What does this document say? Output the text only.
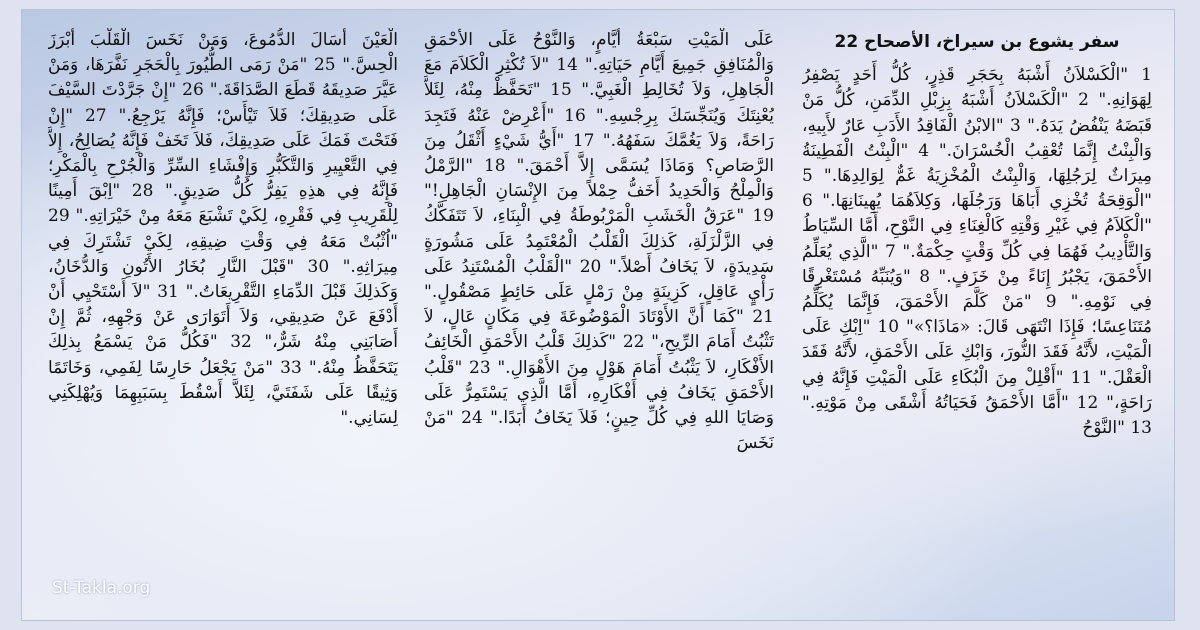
سفر يشوع بن سيراخ، الأصحاح 22
1 "الْكَسْلاَنُ أَشْبَهُ بِحَجَرِ قَذِرٍ، كُلُّ أَحَدٍ يَصْفِرُ لِهَوَانِهِ." 2 "الْكَسْلاَنُ أَشْبَهُ بِزِبْلِ الدِّمَنِ، كُلُّ مَنْ قَبَضَهُ يَنْفُضُ يَدَهُ." 3 "الابْنُ الْفَاقِدُ الأَدَبِ عَارٌ لأَبِيهِ، وَالْبِنْتُ إِنَّمَا تُعْقِبُ الْخُسْرَانَ." 4 "الْبِنْتُ الْفَطِينَةُ مِيرَاثٌ لِرَجُلِهَا، وَالْبِنْتُ الْمُخْزِيَةُ غَمٌّ لِوَالِدِهَا." 5 "الْوَقِحَةُ تُخْزِي أَبَاهَا وَرَجُلَهَا، وَكِلاَهُمَا يُهِينَانِهَا." 6 "الْكَلاَمُ فِي غَيْرِ وَقْتِهِ كَالْغِنَاءِ فِي النَّوْحِ، أَمَّا السِّيَاطُ وَالتَّأْدِيبُ فَهُمَا فِي كُلِّ وَقْتٍ حِكْمَةٌ." 7 "الَّذِي يُعَلِّمُ الأَحْمَقَ، يَجْبُرُ إِنَاءً مِنْ خَزَفٍ." 8 "وَيُنَبِّهُ مُسْتَغْرِقًا فِي نَوْمِهِ." 9 "مَنْ كَلَّمَ الأَحْمَقَ، فَإِنَّمَا يُكَلِّمُ مُتَنَاعِسًا؛ فَإِذَا انْتَهَى قَالَ: «مَاذَا؟»" 10 "اِبْكِ عَلَى الْمَيْتِ، لأَنَّهُ فَقَدَ النُّورَ، وَابْكِ عَلَى الأَحْمَقِ، لأَنَّهُ فَقَدَ الْعَقْلَ." 11 "أَقْلِلْ مِنَ الْبُكَاءِ عَلَى الْمَيْتِ فَإِنَّهُ فِي رَاحَةٍ،" 12 "أَمَّا الأَحْمَقُ فَحَيَاتُهُ أَشْقَى مِنْ مَوْتِهِ." 13 "النَّوْحُ
عَلَى الْمَيْتِ سَبْعَةُ أَيَّامٍ، وَالنَّوْحُ عَلَى الأَحْمَقِ وَالْمُنَافِقِ جَمِيعَ أَيَّامِ حَيَاتِهِ." 14 "لاَ تُكْثِرِ الْكَلاَمَ مَعَ الْجَاهِلِ، وَلاَ تُخَالِطِ الْغَبِيَّ." 15 "تَحَفَّظْ مِنْهُ، لِئَلاَّ يُعْنِتَكَ وَيُنَجِّسَكَ بِرِجْسِهِ." 16 "أَعْرِضْ عَنْهُ فَتَجِدَ رَاحَةً، وَلاَ يَغُمَّكَ سَفَهُهُ." 17 "أَيُّ شَيْءٍ أَثْقَلُ مِنَ الرَّصَاصِ؟ وَمَاذَا يُسَمَّى إِلاَّ أَحْمَقَ." 18 "الرَّمْلُ وَالْمِلْحُ وَالْحَدِيدُ أَخَفُّ حِمْلاً مِنَ الإِنْسَانِ الْجَاهِلِ!" 19 "عَرَقُ الْخَشَبِ الْمَرْبُوطَةُ فِي الْبِنَاءِ، لاَ تَتَفَكَّكُ فِي الزَّلْزَلَةِ، كَذلِكَ الْقَلْبُ الْمُعْتَمِدُ عَلَى مَشُورَةٍ سَدِيدَةٍ، لاَ يَخَافُ أَصْلاً." 20 "الْقَلْبُ الْمُسْتَنِدُ عَلَى رَأْيٍ عَاقِلٍ، كَزِينَةٍ مِنْ رَمْلٍ عَلَى حَائِطٍ مَصْقُولٍ." 21 "كَمَا أَنَّ الأَوْتَادَ الْمَوْضُوعَةَ فِي مَكَانٍ عَالٍ، لاَ تَثْبُتُ أَمَامَ الرِّيحِ،" 22 "كَذلِكَ قَلْبُ الأَحْمَقِ الْخَائِفُ الأَفْكَارِ، لاَ يَثْبُتُ أَمَامَ هَوْلٍ مِنَ الأَهْوَالِ." 23 "قَلْبُ الأَحْمَقِ يَخَافُ فِي أَفْكَارِهِ، أَمَّا الَّذِي يَسْتَمِرُّ عَلَى وَصَايَا اللهِ فِي كُلِّ حِينٍ؛ فَلاَ يَخَافُ أَبَدًا." 24 "مَنْ نَخَسَ
الْعَيْنَ أَسَالَ الدُّمُوعَ، وَمَنْ نَخَسَ الْقَلْبَ أَبْرَزَ الْحِسَّ." 25 "مَنْ رَمَى الطُّيُورَ بِالْحَجَرِ نَفَّرَهَا، وَمَنْ عَيَّرَ صَدِيقَهُ قَطَعَ الصَّدَاقَةَ." 26 "إِنْ جَرَّدْتَ السَّيْفَ عَلَى صَدِيقِكَ؛ فَلاَ تَيْأَسْ؛ فَإِنَّهُ يَرْجِعُ." 27 "إِنْ فَتَحْتَ فَمَكَ عَلَى صَدِيقِكَ، فَلاَ تَخَفْ فَإِنَّهُ يُصَالِحُ، إِلاَّ فِي التَّعْيِيرِ وَالتَّكَبُّرِ وَإِفْشَاءِ السِّرِّ وَالْجُرْحِ بِالْمَكْرِ؛ فَإِنَّهُ فِي هذِهِ يَفِرُّ كُلُّ صَدِيقٍ." 28 "اِبْقَ أَمِينًا لِلْقَرِيبِ فِي فَقْرِهِ، لِكَيْ تَشْبَعَ مَعَهُ مِنْ خَيْرَاتِهِ." 29 "اُثْبُتْ مَعَهُ فِي وَقْتِ ضِيقِهِ، لِكَيْ تَشْتَرِكَ فِي مِيرَاثِهِ." 30 "قَبْلَ النَّارِ بُخَارُ الأَتُونِ وَالدُّخَانُ، وَكَذلِكَ قَبْلَ الدِّمَاءِ التَّقْرِيعَاتُ." 31 "لاَ أَسْتَحْيِي أَنْ أَدْفَعَ عَنْ صَدِيقِي، وَلاَ أَتَوَارَى عَنْ وَجْهِهِ، ثُمَّ إِنْ أَصَابَنِي مِنْهُ شَرٌّ،" 32 "فَكُلُّ مَنْ يَسْمَعُ بِذلِكَ يَتَحَفَّظُ مِنْهُ." 33 "مَنْ يَجْعَلُ حَارِسًا لِفَمِي، وَخَاتَمًا وَثِيقًا عَلَى شَفَتَيَّ، لِئَلاَّ أَسْقُطَ بِسَبَبِهِمَا وَيُهْلِكَنِي لِسَانِي."
St-Takla.org
